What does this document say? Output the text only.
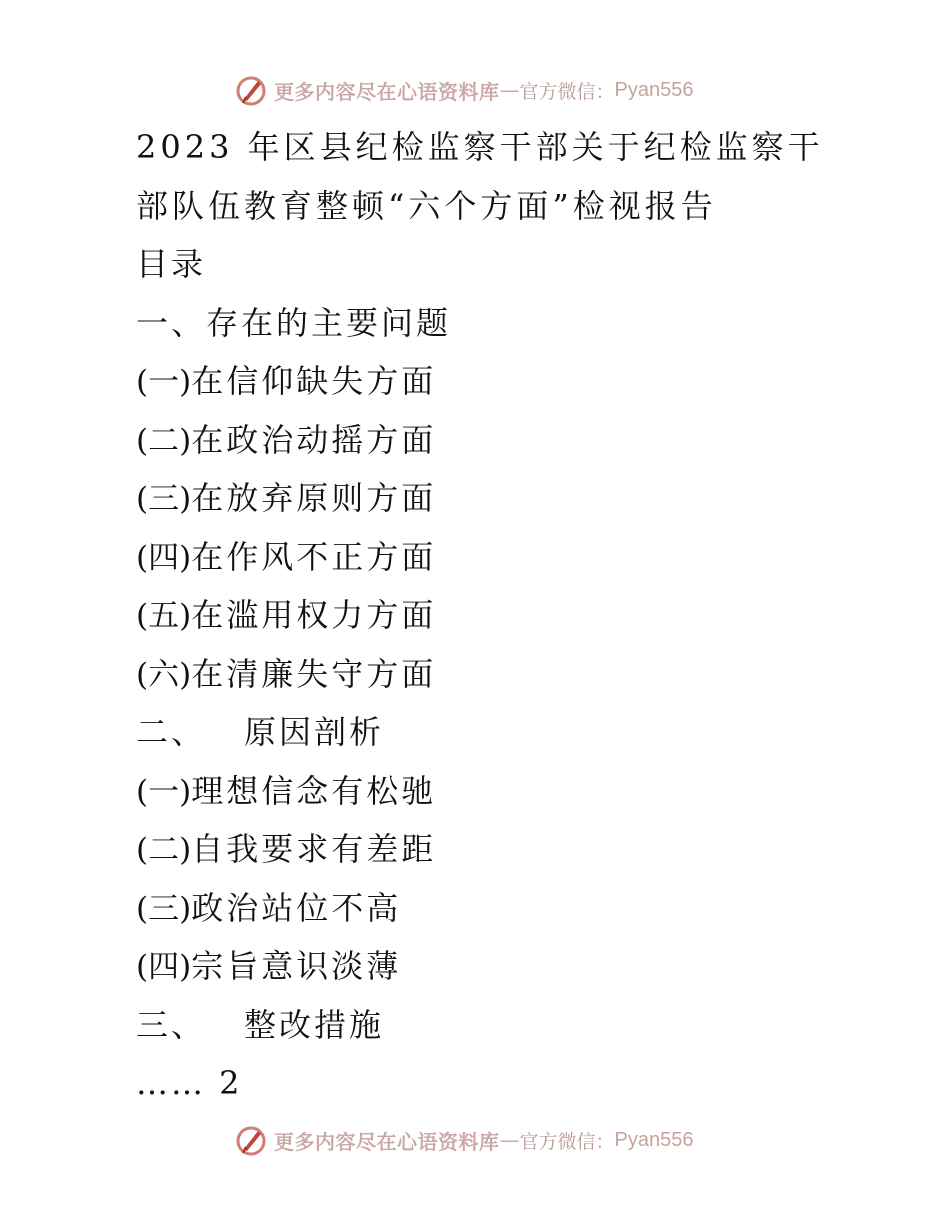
更多内容尽在心语资料库 — 官方微信： Pyan556
2023 年区县纪检监察干部关于纪检监察干
部队伍教育整顿“六个方面”检视报告
目录
一、存在的主要问题
(一)在信仰缺失方面
(二)在政治动摇方面
(三)在放弃原则方面
(四)在作风不正方面
(五)在滥用权力方面
(六)在清廉失守方面
二、 原因剖析
(一)理想信念有松驰
(二)自我要求有差距
(三)政治站位不高
(四)宗旨意识淡薄
三、 整改措施
…… 2
更多内容尽在心语资料库 — 官方微信： Pyan556
